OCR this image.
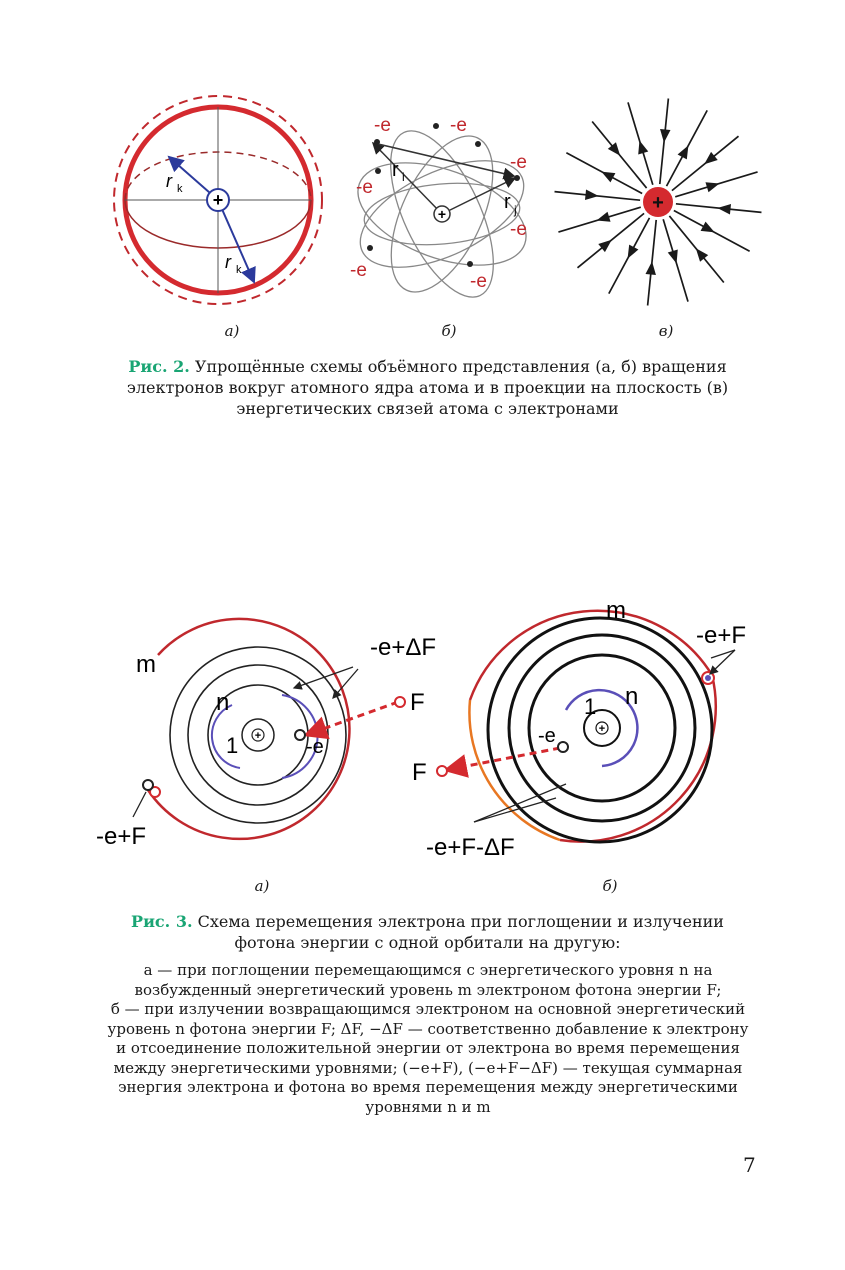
+
r k
r k
+
-e	-e
-e
-e
-e
-e
-e
r i
r j	+
а)	б)	в)
Рис. 2. Упрощённые схемы объёмного представления (а, б) вращения электронов вокруг атомного ядра атома и в проекции на плоскость (в) энергетических связей атома с электронами
+
m
n
1	-e
F
-e+ΔF
-e+F
+
m
n
1
-e
F
-e+F
-e+F-ΔF
а)	б)
Рис. 3. Схема перемещения электрона при поглощении и излучении фотона энергии с одной орбитали на другую:
а — при поглощении перемещающимся с энергетического уровня n на
возбужденный энергетический уровень m электроном фотона энергии F;
б — при излучении возвращающимся электроном на основной энергетический
уровень n фотона энергии F; ΔF, −ΔF — соответственно добавление к электрону
и отсоединение положительной энергии от электрона во время перемещения
между энергетическими уровнями; (−e+F), (−e+F−ΔF) — текущая суммарная
энергия электрона и фотона во время перемещения между энергетическими
уровнями n и m
7
